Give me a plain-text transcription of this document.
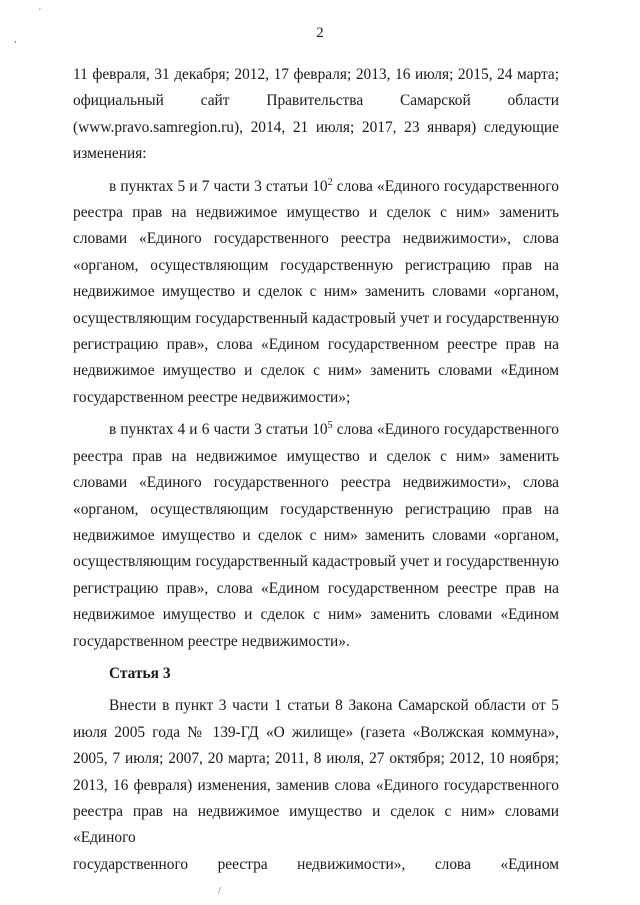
´
,
/
2

11 февраля, 31 декабря; 2012, 17 февраля; 2013, 16 июля; 2015, 24 марта;

официальный сайт Правительства Самарской области

(www.pravo.samregion.ru), 2014, 21 июля; 2017, 23 января) следующие изменения:

в пунктах 5 и 7 части 3 статьи $10^2$ слова «Единого государственного реестра прав на недвижимое имущество и сделок с ним» заменить словами «Единого государственного реестра недвижимости», слова «органом, осуществляющим государственную регистрацию прав на недвижимое имущество и сделок с ним» заменить словами «органом, осуществляющим государственный кадастровый учет и государственную регистрацию прав», слова «Едином государственном реестре прав на недвижимое имущество и сделок с ним» заменить словами «Едином государственном реестре недвижимости»;

в пунктах 4 и 6 части 3 статьи $10^5$ слова «Единого государственного реестра прав на недвижимое имущество и сделок с ним» заменить словами «Единого государственного реестра недвижимости», слова «органом, осуществляющим государственную регистрацию прав на недвижимое имущество и сделок с ним» заменить словами «органом, осуществляющим государственный кадастровый учет и государственную регистрацию прав», слова «Едином государственном реестре прав на недвижимое имущество и сделок с ним» заменить словами «Едином государственном реестре недвижимости».

Статья 3

Внести в пункт 3 части 1 статьи 8 Закона Самарской области от 5 июля 2005 года № 139-ГД «О жилище» (газета «Волжская коммуна», 2005, 7 июля; 2007, 20 марта; 2011, 8 июля, 27 октября; 2012, 10 ноября; 2013, 16 февраля) изменения, заменив слова «Единого государственного реестра прав на недвижимое имущество и сделок с ним» словами «Единого

государственного реестра недвижимости», слова «Едином
